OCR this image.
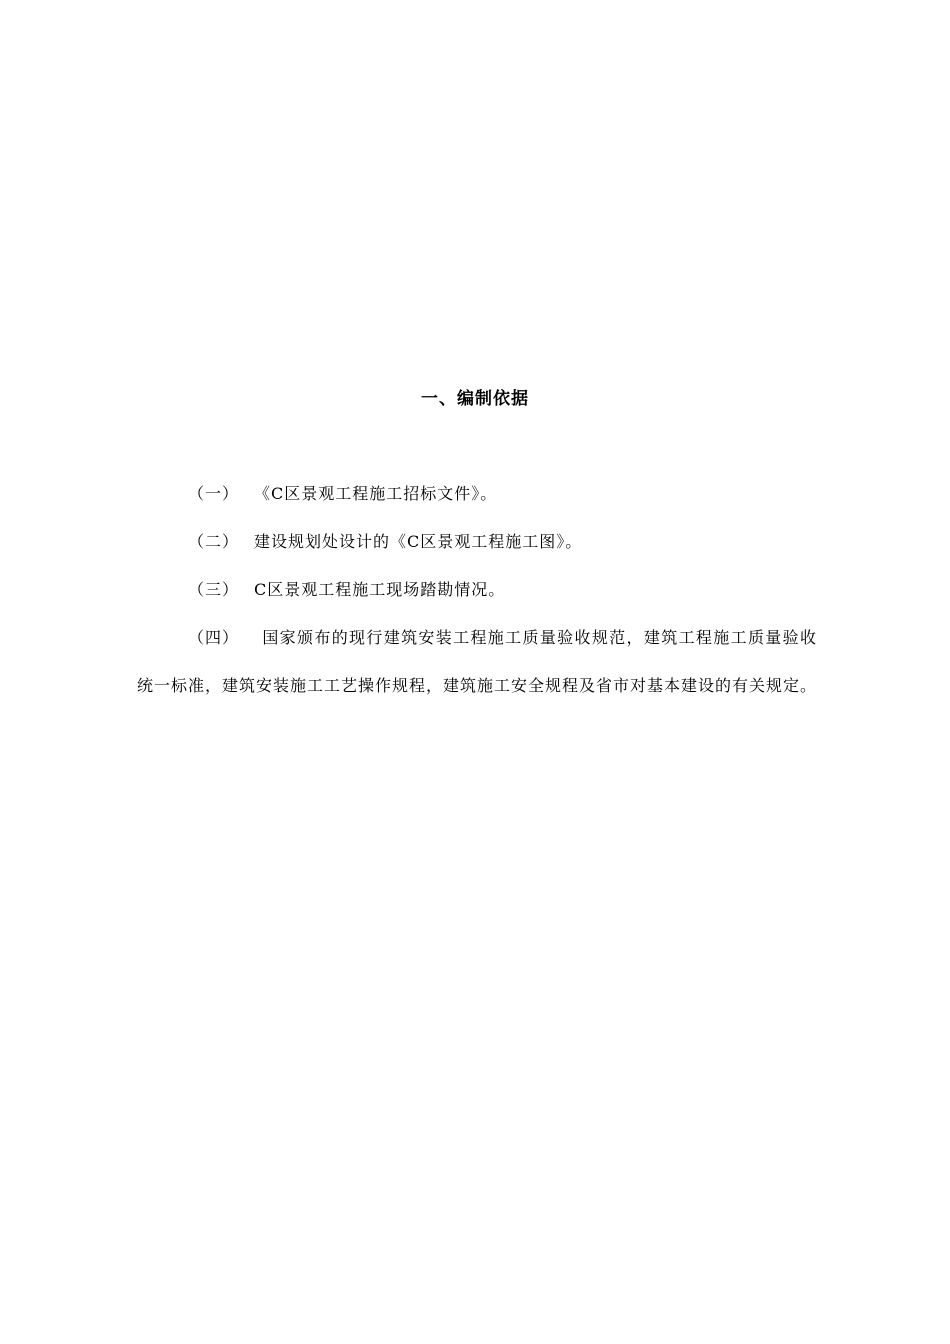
一、编制依据
（一） 《C区景观工程施工招标文件》。
（二） 建设规划处设计的《C区景观工程施工图》。
（三） C区景观工程施工现场踏勘情况。
（四） 国家颁布的现行建筑安装工程施工质量验收规范，建筑工程施工质量验收统一标准，建筑安装施工工艺操作规程，建筑施工安全规程及省市对基本建设的有关规定。
